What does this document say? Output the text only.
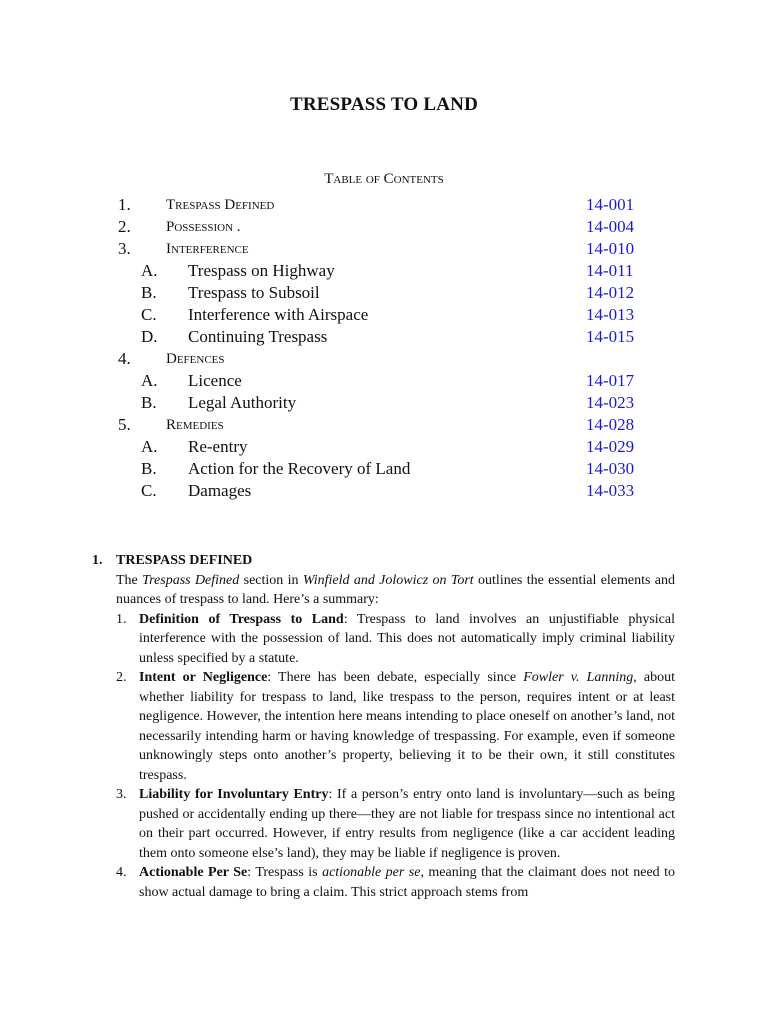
TRESPASS TO LAND
Table of Contents
1. Trespass Defined	14-001
2. Possession .	14-004
3. Interference	14-010
A. Trespass on Highway	14-011
B. Trespass to Subsoil	14-012
C. Interference with Airspace	14-013
D. Continuing Trespass	14-015
4. Defences
A. Licence	14-017
B. Legal Authority	14-023
5. Remedies	14-028
A. Re-entry	14-029
B. Action for the Recovery of Land	14-030
C. Damages	14-033
1. TRESPASS DEFINED
The Trespass Defined section in Winfield and Jolowicz on Tort outlines the essential elements and nuances of trespass to land. Here’s a summary:
1. Definition of Trespass to Land: Trespass to land involves an unjustifiable physical interference with the possession of land. This does not automatically imply criminal liability unless specified by a statute.
2. Intent or Negligence: There has been debate, especially since Fowler v. Lanning, about whether liability for trespass to land, like trespass to the person, requires intent or at least negligence. However, the intention here means intending to place oneself on another’s land, not necessarily intending harm or having knowledge of trespassing. For example, even if someone unknowingly steps onto another’s property, believing it to be their own, it still constitutes trespass.
3. Liability for Involuntary Entry: If a person’s entry onto land is involuntary—such as being pushed or accidentally ending up there—they are not liable for trespass since no intentional act on their part occurred. However, if entry results from negligence (like a car accident leading them onto someone else’s land), they may be liable if negligence is proven.
4. Actionable Per Se: Trespass is actionable per se, meaning that the claimant does not need to show actual damage to bring a claim. This strict approach stems from
